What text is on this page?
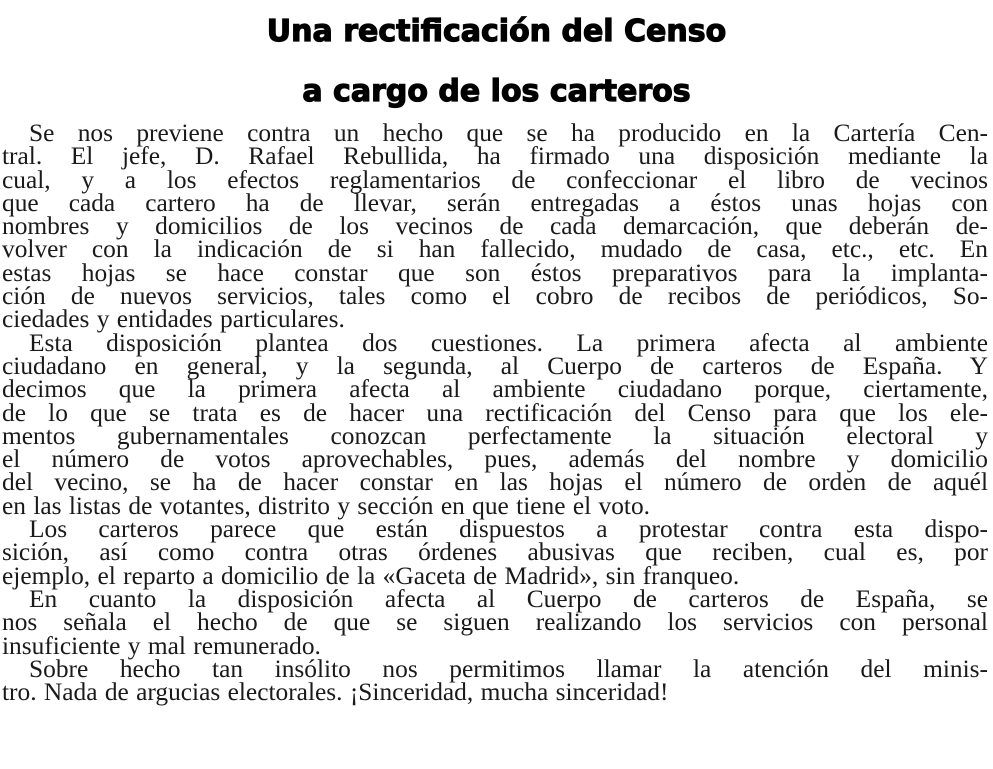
Una rectificación del Censo
a cargo de los carteros

Se nos previene contra un hecho que se ha producido en la Cartería Cen-
tral. El jefe, D. Rafael Rebullida, ha firmado una disposición mediante la
cual, y a los efectos reglamentarios de confeccionar el libro de vecinos
que cada cartero ha de llevar, serán entregadas a éstos unas hojas con
nombres y domicilios de los vecinos de cada demarcación, que deberán de-
volver con la indicación de si han fallecido, mudado de casa, etc., etc. En
estas hojas se hace constar que son éstos preparativos para la implanta-
ción de nuevos servicios, tales como el cobro de recibos de periódicos, So-
ciedades y entidades particulares.

Esta disposición plantea dos cuestiones. La primera afecta al ambiente
ciudadano en general, y la segunda, al Cuerpo de carteros de España. Y
decimos que la primera afecta al ambiente ciudadano porque, ciertamente,
de lo que se trata es de hacer una rectificación del Censo para que los ele-
mentos gubernamentales conozcan perfectamente la situación electoral y
el número de votos aprovechables, pues, además del nombre y domicilio
del vecino, se ha de hacer constar en las hojas el número de orden de aquél
en las listas de votantes, distrito y sección en que tiene el voto.

Los carteros parece que están dispuestos a protestar contra esta dispo-
sición, así como contra otras órdenes abusivas que reciben, cual es, por
ejemplo, el reparto a domicilio de la «Gaceta de Madrid», sin franqueo.

En cuanto la disposición afecta al Cuerpo de carteros de España, se
nos señala el hecho de que se siguen realizando los servicios con personal
insuficiente y mal remunerado.

Sobre hecho tan insólito nos permitimos llamar la atención del minis-
tro. Nada de argucias electorales. ¡Sinceridad, mucha sinceridad!
